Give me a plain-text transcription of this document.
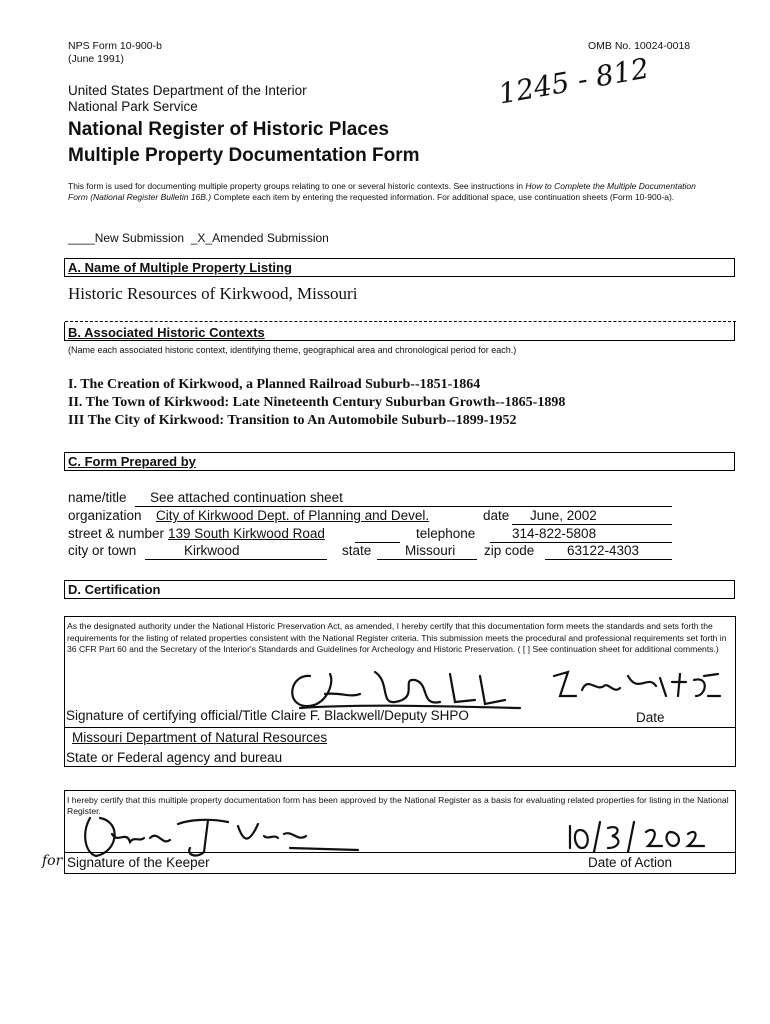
NPS Form 10-900-b
(June 1991)
OMB No. 10024-0018
United States Department of the Interior
National Park Service
National Register of Historic Places
Multiple Property Documentation Form
1245 - 812
This form is used for documenting multiple property groups relating to one or several historic contexts. See instructions in How to Complete the Multiple Documentation Form (National Register Bulletin 16B.) Complete each item by entering the requested information. For additional space, use continuation sheets (Form 10-900-a).
____New Submission _X_Amended Submission
A. Name of Multiple Property Listing
Historic Resources of Kirkwood, Missouri
B. Associated Historic Contexts
(Name each associated historic context, identifying theme, geographical area and chronological period for each.)
I. The Creation of Kirkwood, a Planned Railroad Suburb--1851-1864
II. The Town of Kirkwood: Late Nineteenth Century Suburban Growth--1865-1898
III The City of Kirkwood: Transition to An Automobile Suburb--1899-1952
C. Form Prepared by
name/title See attached continuation sheet
organization City of Kirkwood Dept. of Planning and Devel.	date June, 2002
street & number 139 South Kirkwood Road	telephone	314-822-5808
city or town	Kirkwood	state Missouri zip code 63122-4303
D. Certification
As the designated authority under the National Historic Preservation Act, as amended, I hereby certify that this documentation form meets the standards and sets forth the requirements for the listing of related properties consistent with the National Register criteria. This submission meets the procedural and professional requirements set forth in 36 CFR Part 60 and the Secretary of the Interior's Standards and Guidelines for Archeology and Historic Preservation. ( [ ] See continuation sheet for additional comments.)
Signature of certifying official/Title Claire F. Blackwell/Deputy SHPO	Date
Missouri Department of Natural Resources
State or Federal agency and bureau
I hereby certify that this multiple property documentation form has been approved by the National Register as a basis for evaluating related properties for listing in the National Register.
Signature of the Keeper	Date of Action
for
